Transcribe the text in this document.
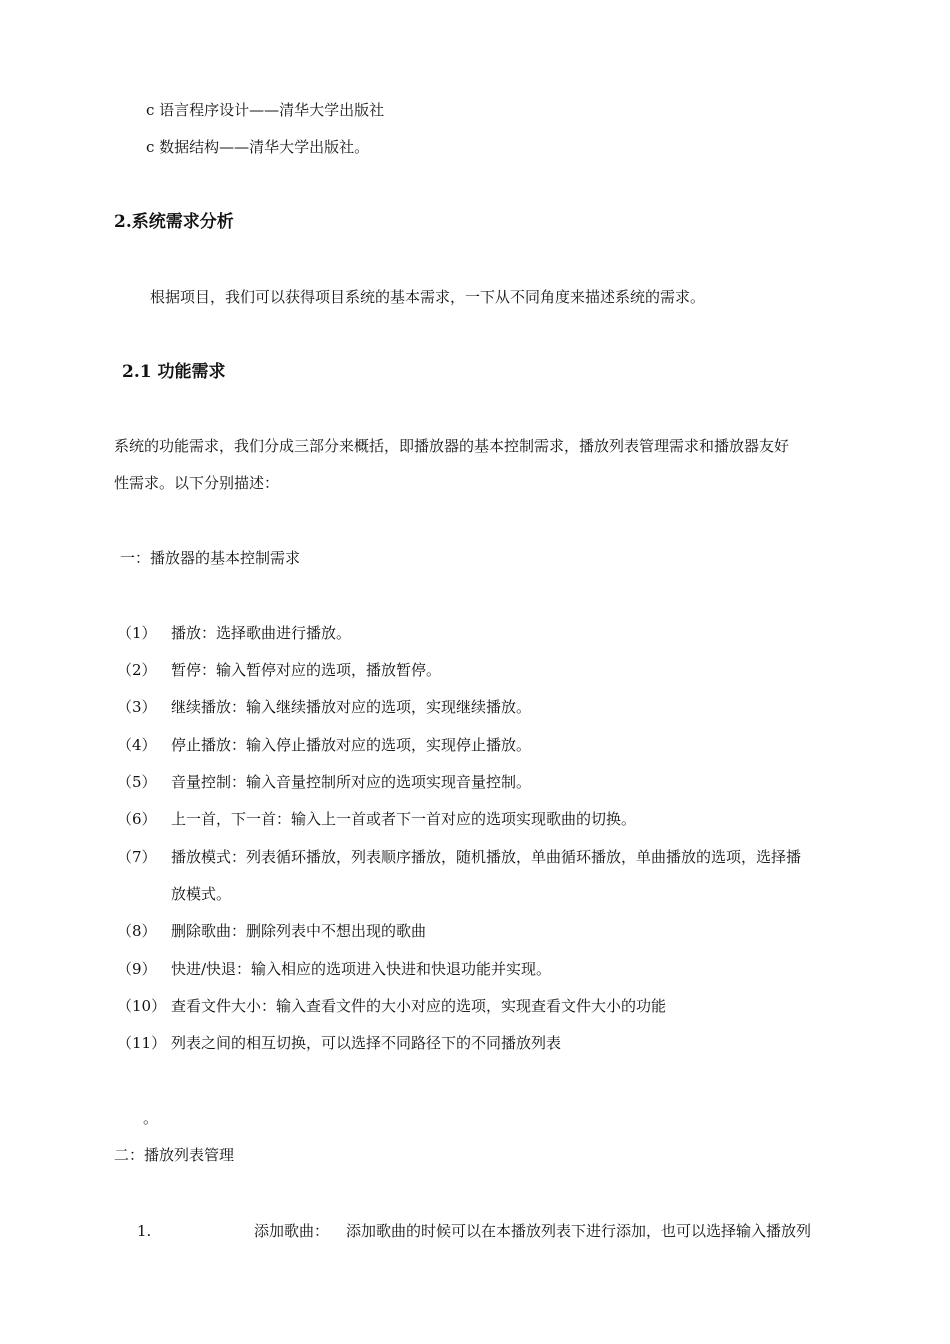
c 语言程序设计——清华大学出版社
c 数据结构——清华大学出版社。
2.系统需求分析
根据项目，我们可以获得项目系统的基本需求，一下从不同角度来描述系统的需求。
2.1 功能需求
系统的功能需求，我们分成三部分来概括，即播放器的基本控制需求，播放列表管理需求和播放器友好
性需求。以下分别描述：
一：播放器的基本控制需求
（1） 播放：选择歌曲进行播放。
（2） 暂停：输入暂停对应的选项，播放暂停。
（3） 继续播放：输入继续播放对应的选项，实现继续播放。
（4） 停止播放：输入停止播放对应的选项，实现停止播放。
（5） 音量控制：输入音量控制所对应的选项实现音量控制。
（6） 上一首，下一首：输入上一首或者下一首对应的选项实现歌曲的切换。
（7） 播放模式：列表循环播放，列表顺序播放，随机播放，单曲循环播放，单曲播放的选项，选择播
放模式。
（8） 删除歌曲：删除列表中不想出现的歌曲
（9） 快进/快退：输入相应的选项进入快进和快退功能并实现。
（10） 查看文件大小：输入查看文件的大小对应的选项，实现查看文件大小的功能
（11） 列表之间的相互切换，可以选择不同路径下的不同播放列表
。
二：播放列表管理
1.	添加歌曲： 添加歌曲的时候可以在本播放列表下进行添加，也可以选择输入播放列
